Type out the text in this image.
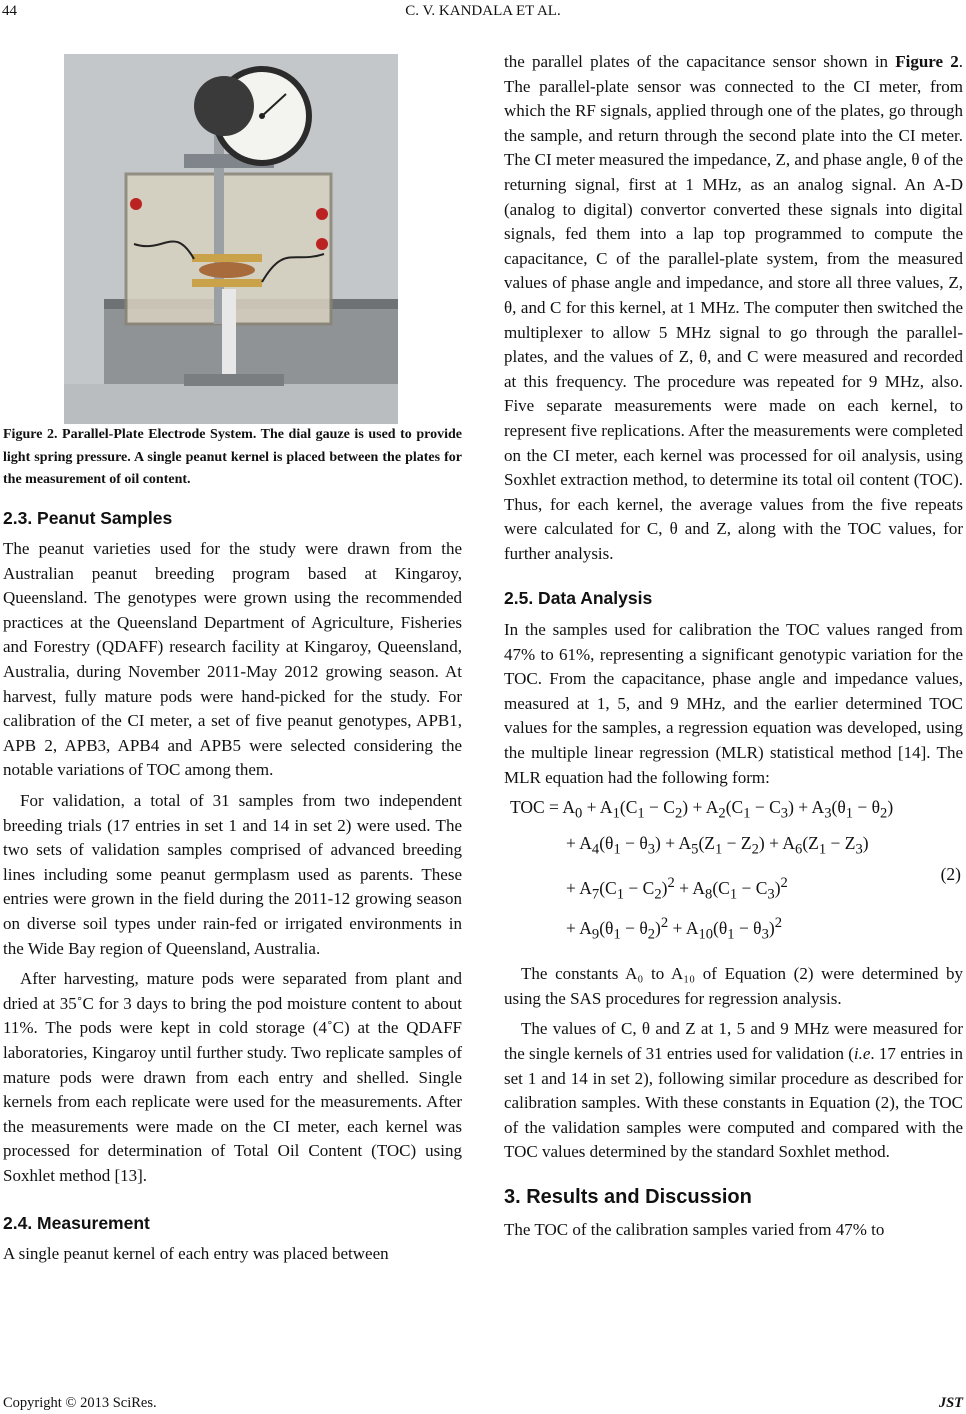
44	C. V. KANDALA ET AL.

Figure 2. Parallel-Plate Electrode System. The dial gauze is used to provide light spring pressure. A single peanut kernel is placed between the plates for the measurement of oil content.

2.3. Peanut Samples

The peanut varieties used for the study were drawn from the Australian peanut breeding program based at Kingaroy, Queensland. The genotypes were grown using the recommended practices at the Queensland Department of Agriculture, Fisheries and Forestry (QDAFF) research facility at Kingaroy, Queensland, Australia, during November 2011-May 2012 growing season. At harvest, fully mature pods were hand-picked for the study. For calibration of the CI meter, a set of five peanut genotypes, APB1, APB 2, APB3, APB4 and APB5 were selected considering the notable variations of TOC among them.

For validation, a total of 31 samples from two independent breeding trials (17 entries in set 1 and 14 in set 2) were used. The two sets of validation samples comprised of advanced breeding lines including some peanut germplasm used as parents. These entries were grown in the field during the 2011-12 growing season on diverse soil types under rain-fed or irrigated environments in the Wide Bay region of Queensland, Australia.

After harvesting, mature pods were separated from plant and dried at 35˚C for 3 days to bring the pod moisture content to about 11%. The pods were kept in cold storage (4˚C) at the QDAFF laboratories, Kingaroy until further study. Two replicate samples of mature pods were drawn from each entry and shelled. Single kernels from each replicate were used for the measurements. After the measurements were made on the CI meter, each kernel was processed for determination of Total Oil Content (TOC) using Soxhlet method [13].

2.4. Measurement

A single peanut kernel of each entry was placed between

the parallel plates of the capacitance sensor shown in Figure 2. The parallel-plate sensor was connected to the CI meter, from which the RF signals, applied through one of the plates, go through the sample, and return through the second plate into the CI meter. The CI meter measured the impedance, Z, and phase angle, θ of the returning signal, first at 1 MHz, as an analog signal. An A-D (analog to digital) convertor converted these signals into digital signals, fed them into a lap top programmed to compute the capacitance, C of the parallel-plate system, from the measured values of phase angle and impedance, and store all three values, Z, θ, and C for this kernel, at 1 MHz. The computer then switched the multiplexer to allow 5 MHz signal to go through the parallel-plates, and the values of Z, θ, and C were measured and recorded at this frequency. The procedure was repeated for 9 MHz, also. Five separate measurements were made on each kernel, to represent five replications. After the measurements were completed on the CI meter, each kernel was processed for oil analysis, using Soxhlet extraction method, to determine its total oil content (TOC). Thus, for each kernel, the average values from the five repeats were calculated for C, θ and Z, along with the TOC values, for further analysis.

2.5. Data Analysis

In the samples used for calibration the TOC values ranged from 47% to 61%, representing a significant genotypic variation for the TOC. From the capacitance, phase angle and impedance values, measured at 1, 5, and 9 MHz, and the earlier determined TOC values for the samples, a regression equation was developed, using the multiple linear regression (MLR) statistical method [14]. The MLR equation had the following form:

TOC = $A_0 + A_1(C_1 - C_2) + A_2(C_1 - C_3) + A_3(\theta_1 - \theta_2)$
+ $A_4(\theta_1 - \theta_3) + A_5(Z_1 - Z_2) + A_6(Z_1 - Z_3)$
+ $A_7(C_1 - C_2)^2 + A_8(C_1 - C_3)^2$
+ $A_9(\theta_1 - \theta_2)^2 + A_{10}(\theta_1 - \theta_3)^2$
(2)

The constants A₀ to A₁₀ of Equation (2) were determined by using the SAS procedures for regression analysis.

The values of C, θ and Z at 1, 5 and 9 MHz were measured for the single kernels of 31 entries used for validation (i.e. 17 entries in set 1 and 14 in set 2), following similar procedure as described for calibration samples. With these constants in Equation (2), the TOC of the validation samples were computed and compared with the TOC values determined by the standard Soxhlet method.

3. Results and Discussion

The TOC of the calibration samples varied from 47% to

Copyright © 2013 SciRes.	JST
